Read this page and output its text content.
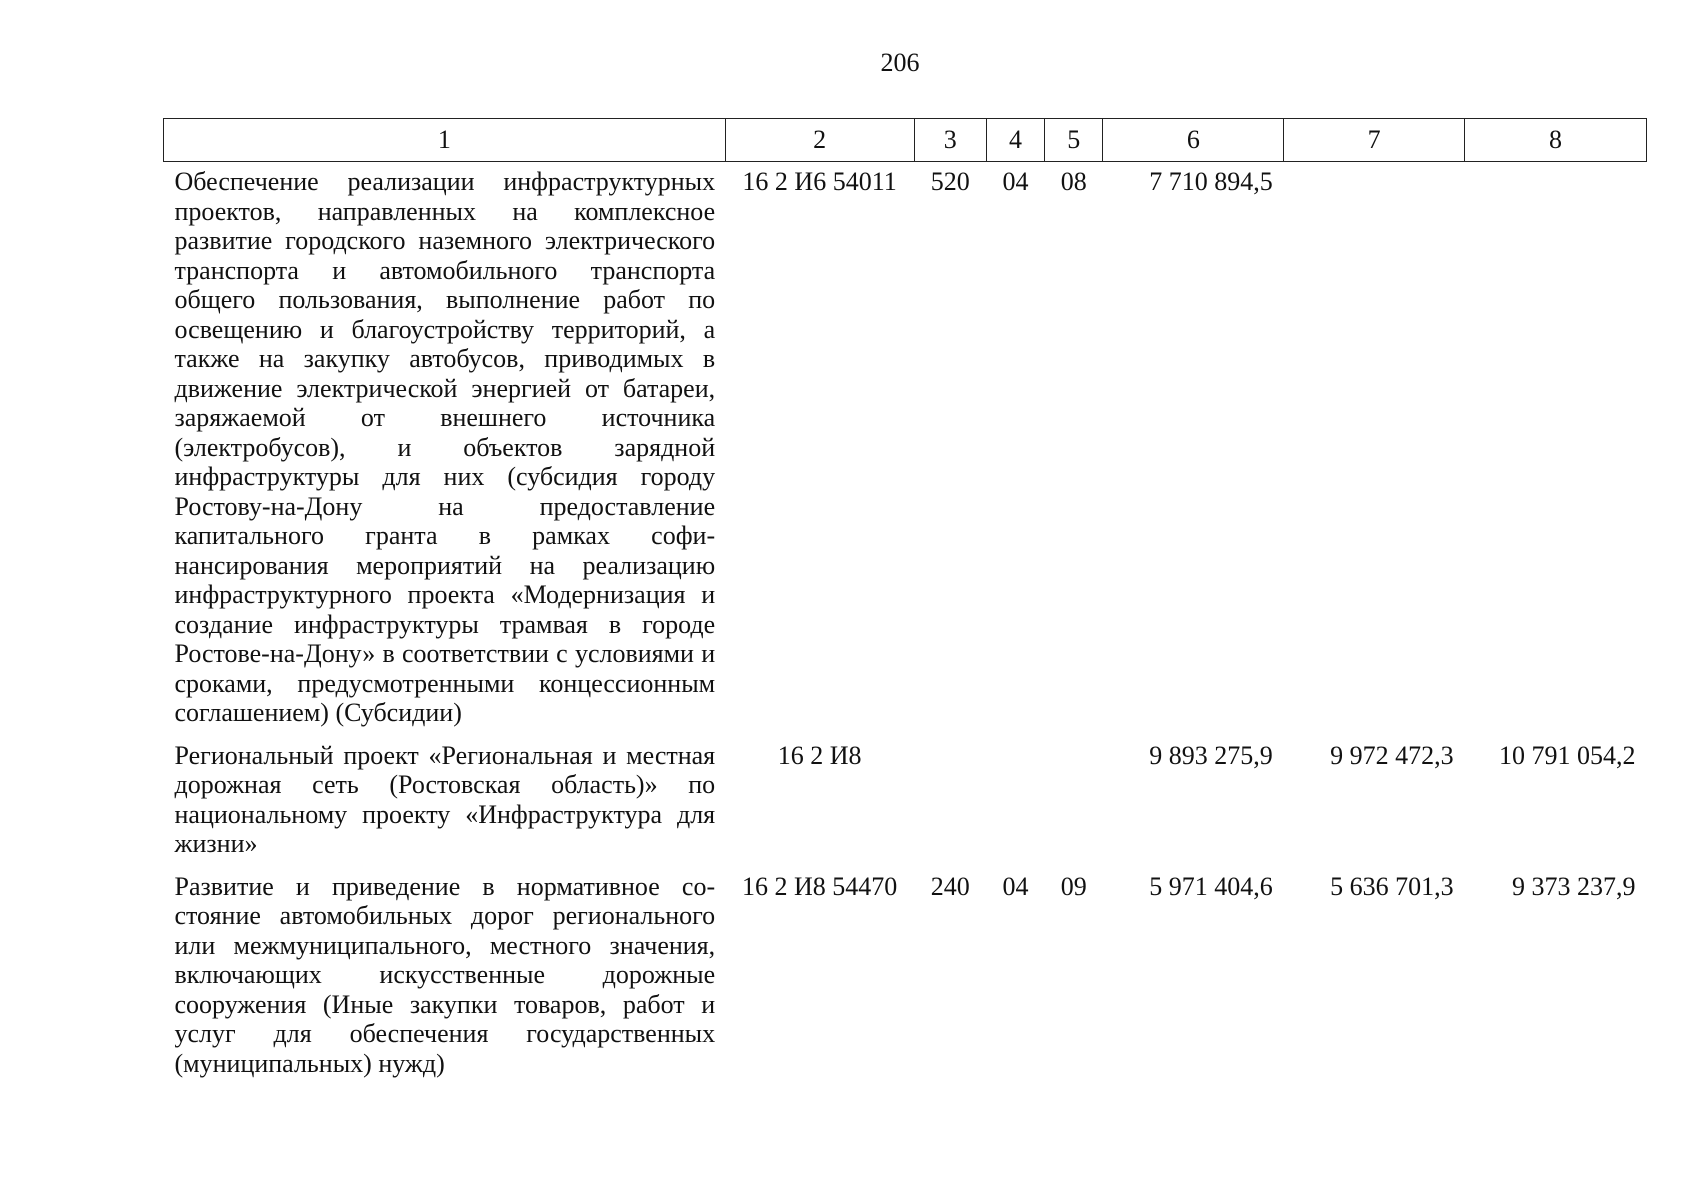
206
1	2	3	4	5	6	7	8
Обеспечение реализации инфраструктурных проектов, направленных на комплексное развитие городского наземного электрического транспорта и автомобильного транспорта общего пользования, выполнение работ по освещению и благоустройству территорий, а также на закупку автобусов, приводимых в движение электрической энергией от батареи, заряжаемой от внешнего источника (электробусов), и объектов зарядной инфраструктуры для них (субсидия городу Ростову-на-Дону на предоставление капитального гранта в рамках софинансирования мероприятий на реализацию инфраструктурного проекта «Модернизация и создание инфраструктуры трамвая в городе Ростове-на-Дону» в соответствии с условиями и сроками, предусмотренными концессионным соглашением) (Субсидии)	16 2 И6 54011	520	04	08	7 710 894,5		
Региональный проект «Региональная и местная дорожная сеть (Ростовская область)» по национальному проекту «Инфраструктура для жизни»	16 2 И8				9 893 275,9	9 972 472,3	10 791 054,2
Развитие и приведение в нормативное состояние автомобильных дорог регионального или межмуниципального, местного значения, включающих искусственные дорожные сооружения (Иные закупки товаров, работ и услуг для обеспечения государственных (муниципальных) нужд)	16 2 И8 54470	240	04	09	5 971 404,6	5 636 701,3	9 373 237,9
